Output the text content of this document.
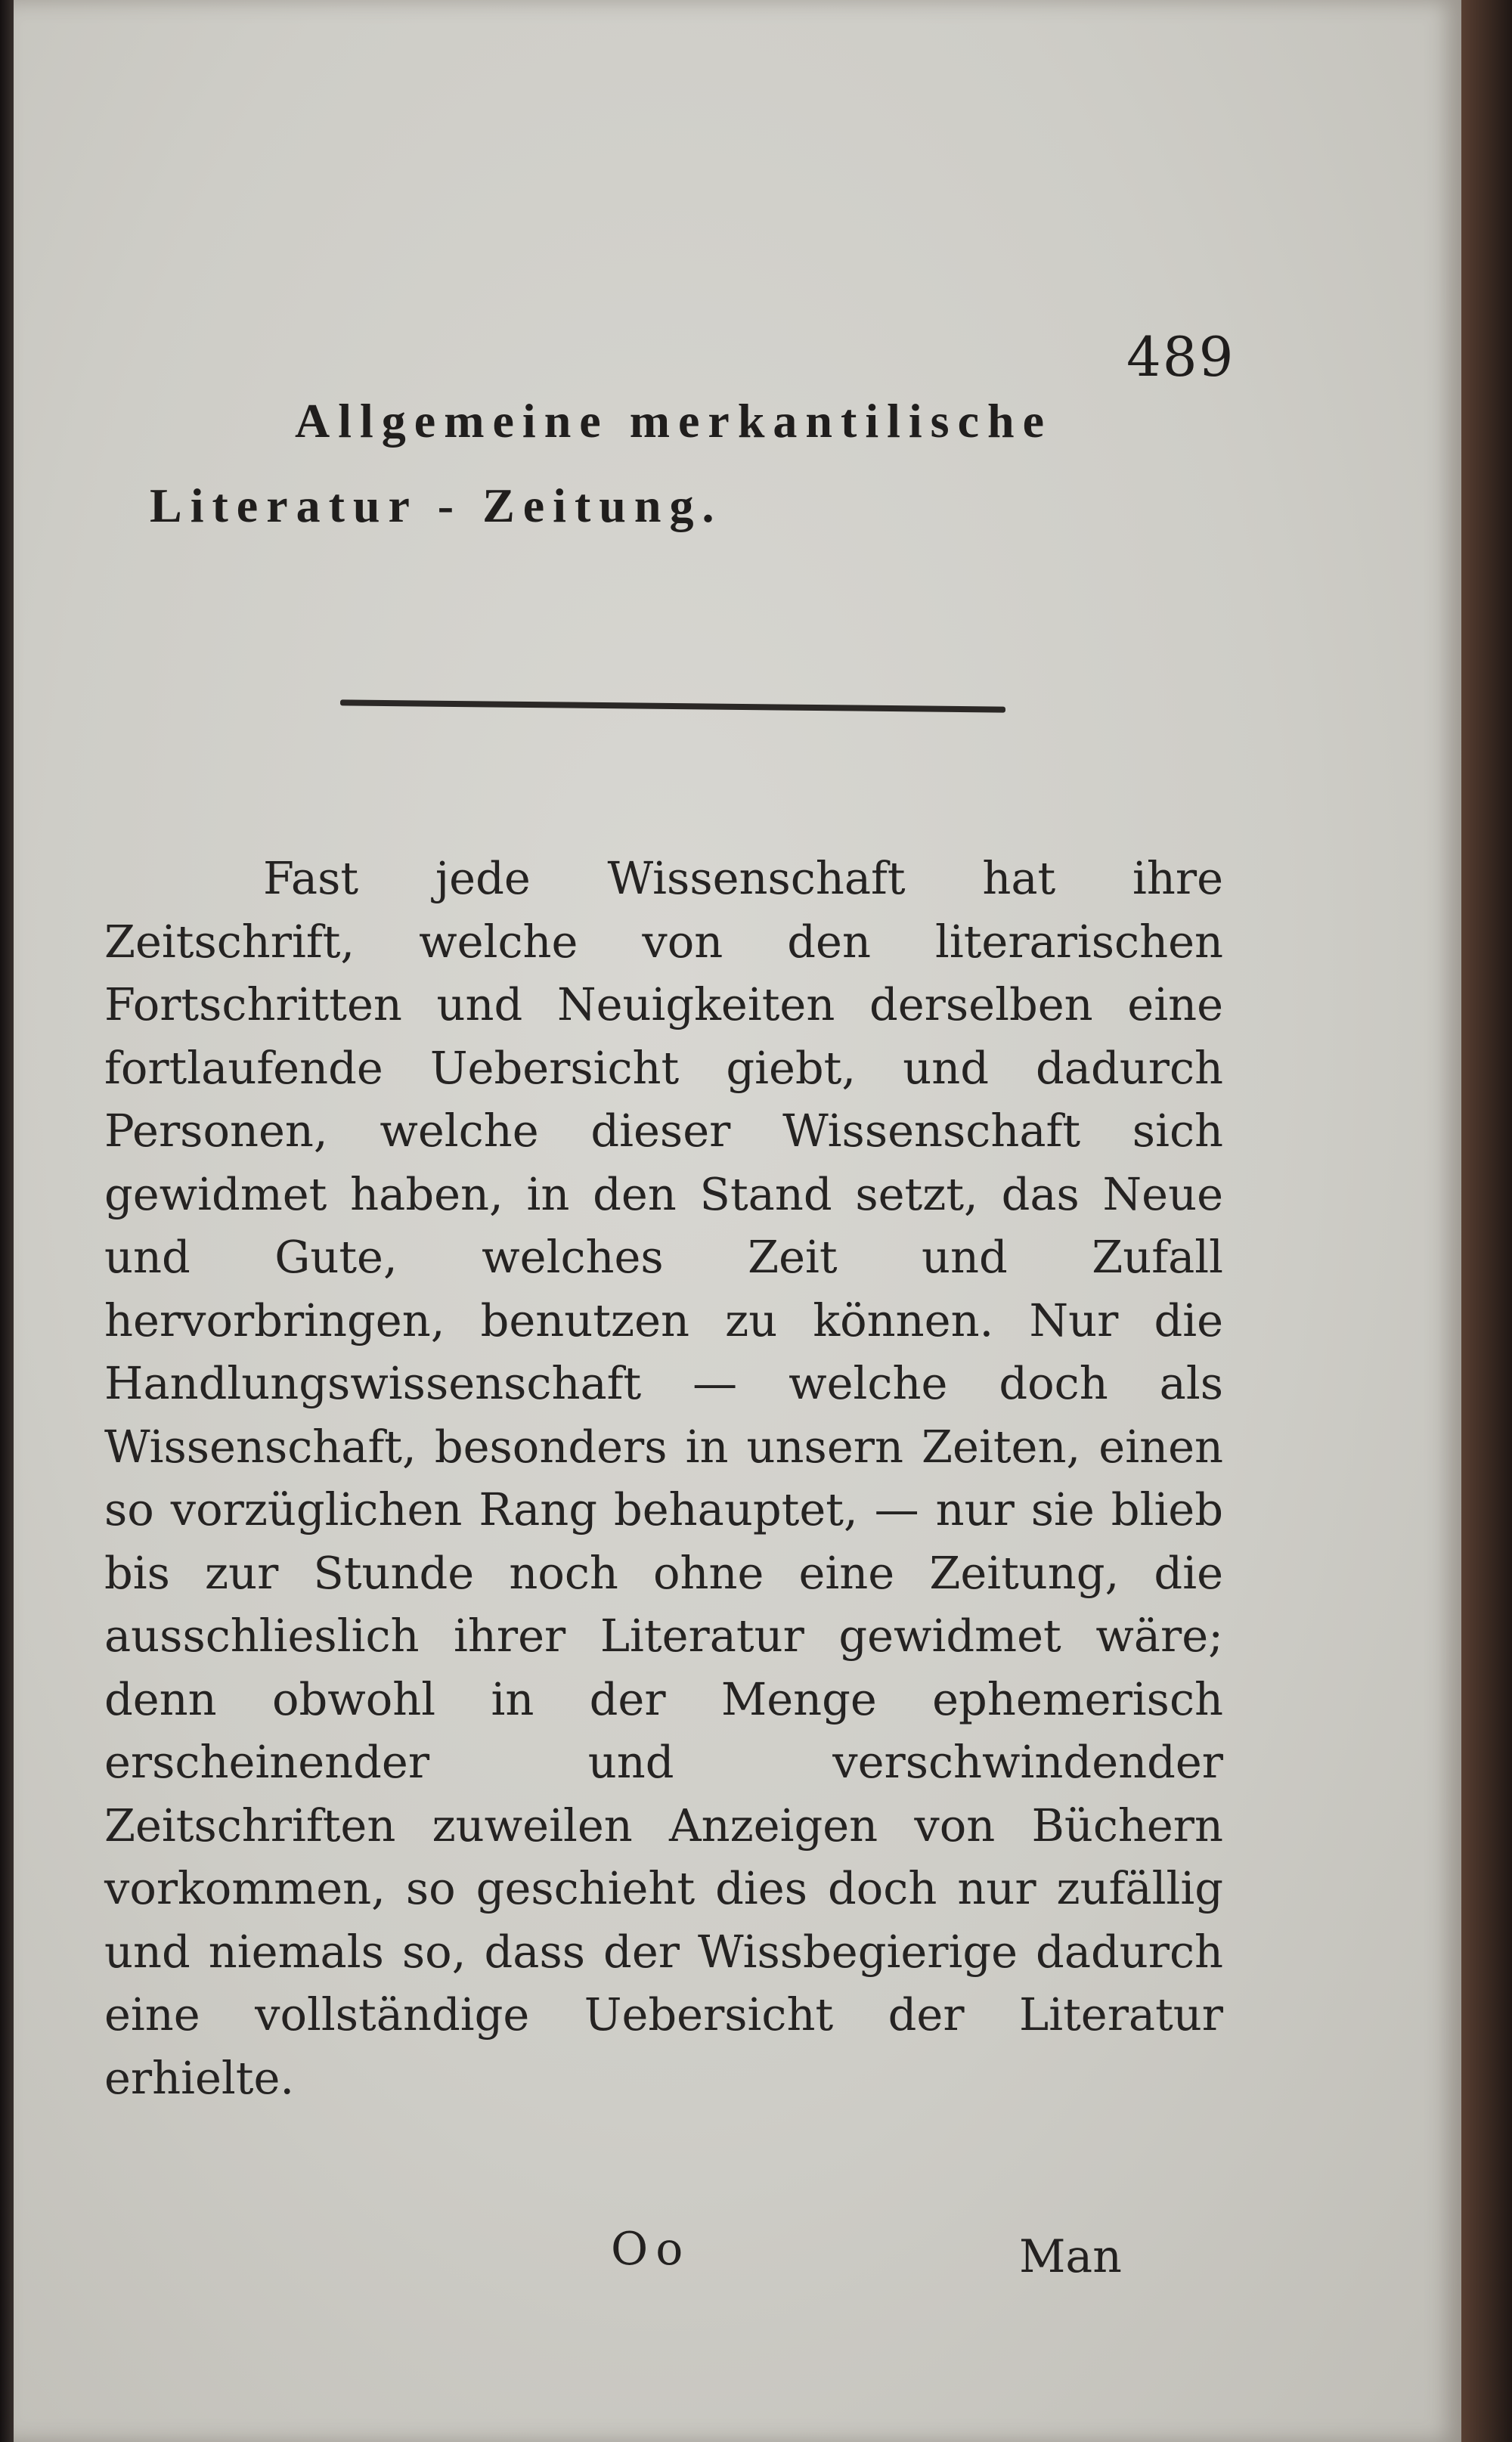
489
Allgemeine merkantilische
Literatur - Zeitung.

Fast jede Wissenschaft hat ihre Zeitschrift, welche von den literarischen Fortschritten und Neuigkeiten derselben eine fortlaufende Uebersicht giebt, und dadurch Personen, welche dieser Wissenschaft sich gewidmet haben, in den Stand setzt, das Neue und Gute, welches Zeit und Zufall hervorbringen, benutzen zu können. Nur die Handlungswissenschaft — welche doch als Wissenschaft, besonders in unsern Zeiten, einen so vorzüglichen Rang behauptet, — nur sie blieb bis zur Stunde noch ohne eine Zeitung, die ausschlieslich ihrer Literatur gewidmet wäre; denn obwohl in der Menge ephemerisch erscheinender und verschwindender Zeitschriften zuweilen Anzeigen von Büchern vorkommen, so geschieht dies doch nur zufällig und niemals so, dass der Wissbegierige dadurch eine vollständige Uebersicht der Literatur erhielte.

Oo	Man
